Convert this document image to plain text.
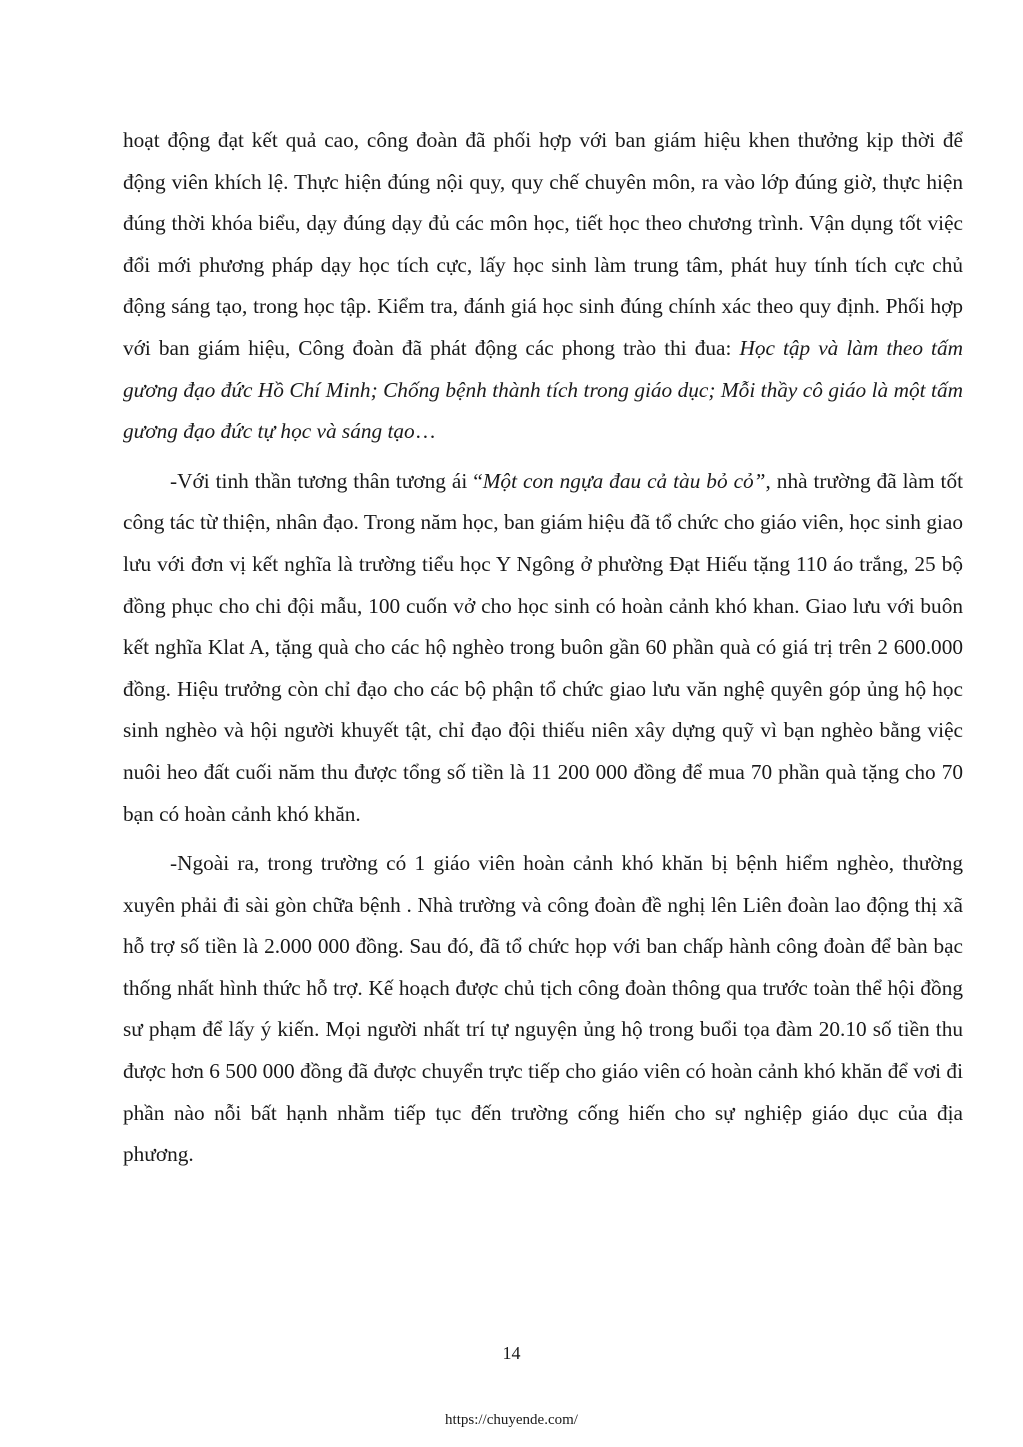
hoạt động đạt kết quả cao, công đoàn đã phối hợp với ban giám hiệu khen thưởng kịp thời để động viên khích lệ. Thực hiện đúng nội quy, quy chế chuyên môn, ra vào lớp đúng giờ, thực hiện đúng thời khóa biểu, dạy đúng dạy đủ các môn học, tiết học theo chương trình. Vận dụng tốt việc đổi mới phương pháp dạy học tích cực, lấy học sinh làm trung tâm, phát huy tính tích cực chủ động sáng tạo, trong học tập. Kiểm tra, đánh giá học sinh đúng chính xác theo quy định. Phối hợp với ban giám hiệu, Công đoàn đã phát động các phong trào thi đua: Học tập và làm theo tấm gương đạo đức Hồ Chí Minh; Chống bệnh thành tích trong giáo dục; Mỗi thầy cô giáo là một tấm gương đạo đức tự học và sáng tạo…

-Với tinh thần tương thân tương ái “Một con ngựa đau cả tàu bỏ cỏ”, nhà trường đã làm tốt công tác từ thiện, nhân đạo. Trong năm học, ban giám hiệu đã tổ chức cho giáo viên, học sinh giao lưu với đơn vị kết nghĩa là trường tiểu học Y Ngông ở phường Đạt Hiếu tặng 110 áo trắng, 25 bộ đồng phục cho chi đội mẫu, 100 cuốn vở cho học sinh có hoàn cảnh khó khan. Giao lưu với buôn kết nghĩa Klat A, tặng quà cho các hộ nghèo trong buôn gần 60 phần quà có giá trị trên 2 600.000 đồng. Hiệu trưởng còn chỉ đạo cho các bộ phận tổ chức giao lưu văn nghệ quyên góp ủng hộ học sinh nghèo và hội người khuyết tật, chỉ đạo đội thiếu niên xây dựng quỹ vì bạn nghèo bằng việc nuôi heo đất cuối năm thu được tổng số tiền là 11 200 000 đồng để mua 70 phần quà tặng cho 70 bạn có hoàn cảnh khó khăn.

-Ngoài ra, trong trường có 1 giáo viên hoàn cảnh khó khăn bị bệnh hiểm nghèo, thường xuyên phải đi sài gòn chữa bệnh . Nhà trường và công đoàn đề nghị lên Liên đoàn lao động thị xã hỗ trợ số tiền là 2.000 000 đồng. Sau đó, đã tổ chức họp với ban chấp hành công đoàn để bàn bạc thống nhất hình thức hỗ trợ. Kế hoạch được chủ tịch công đoàn thông qua trước toàn thể hội đồng sư phạm để lấy ý kiến. Mọi người nhất trí tự nguyện ủng hộ trong buổi tọa đàm 20.10 số tiền thu được hơn 6 500 000 đồng đã được chuyển trực tiếp cho giáo viên có hoàn cảnh khó khăn để vơi đi phần nào nỗi bất hạnh nhằm tiếp tục đến trường cống hiến cho sự nghiệp giáo dục của địa phương.

14
https://chuyende.com/
